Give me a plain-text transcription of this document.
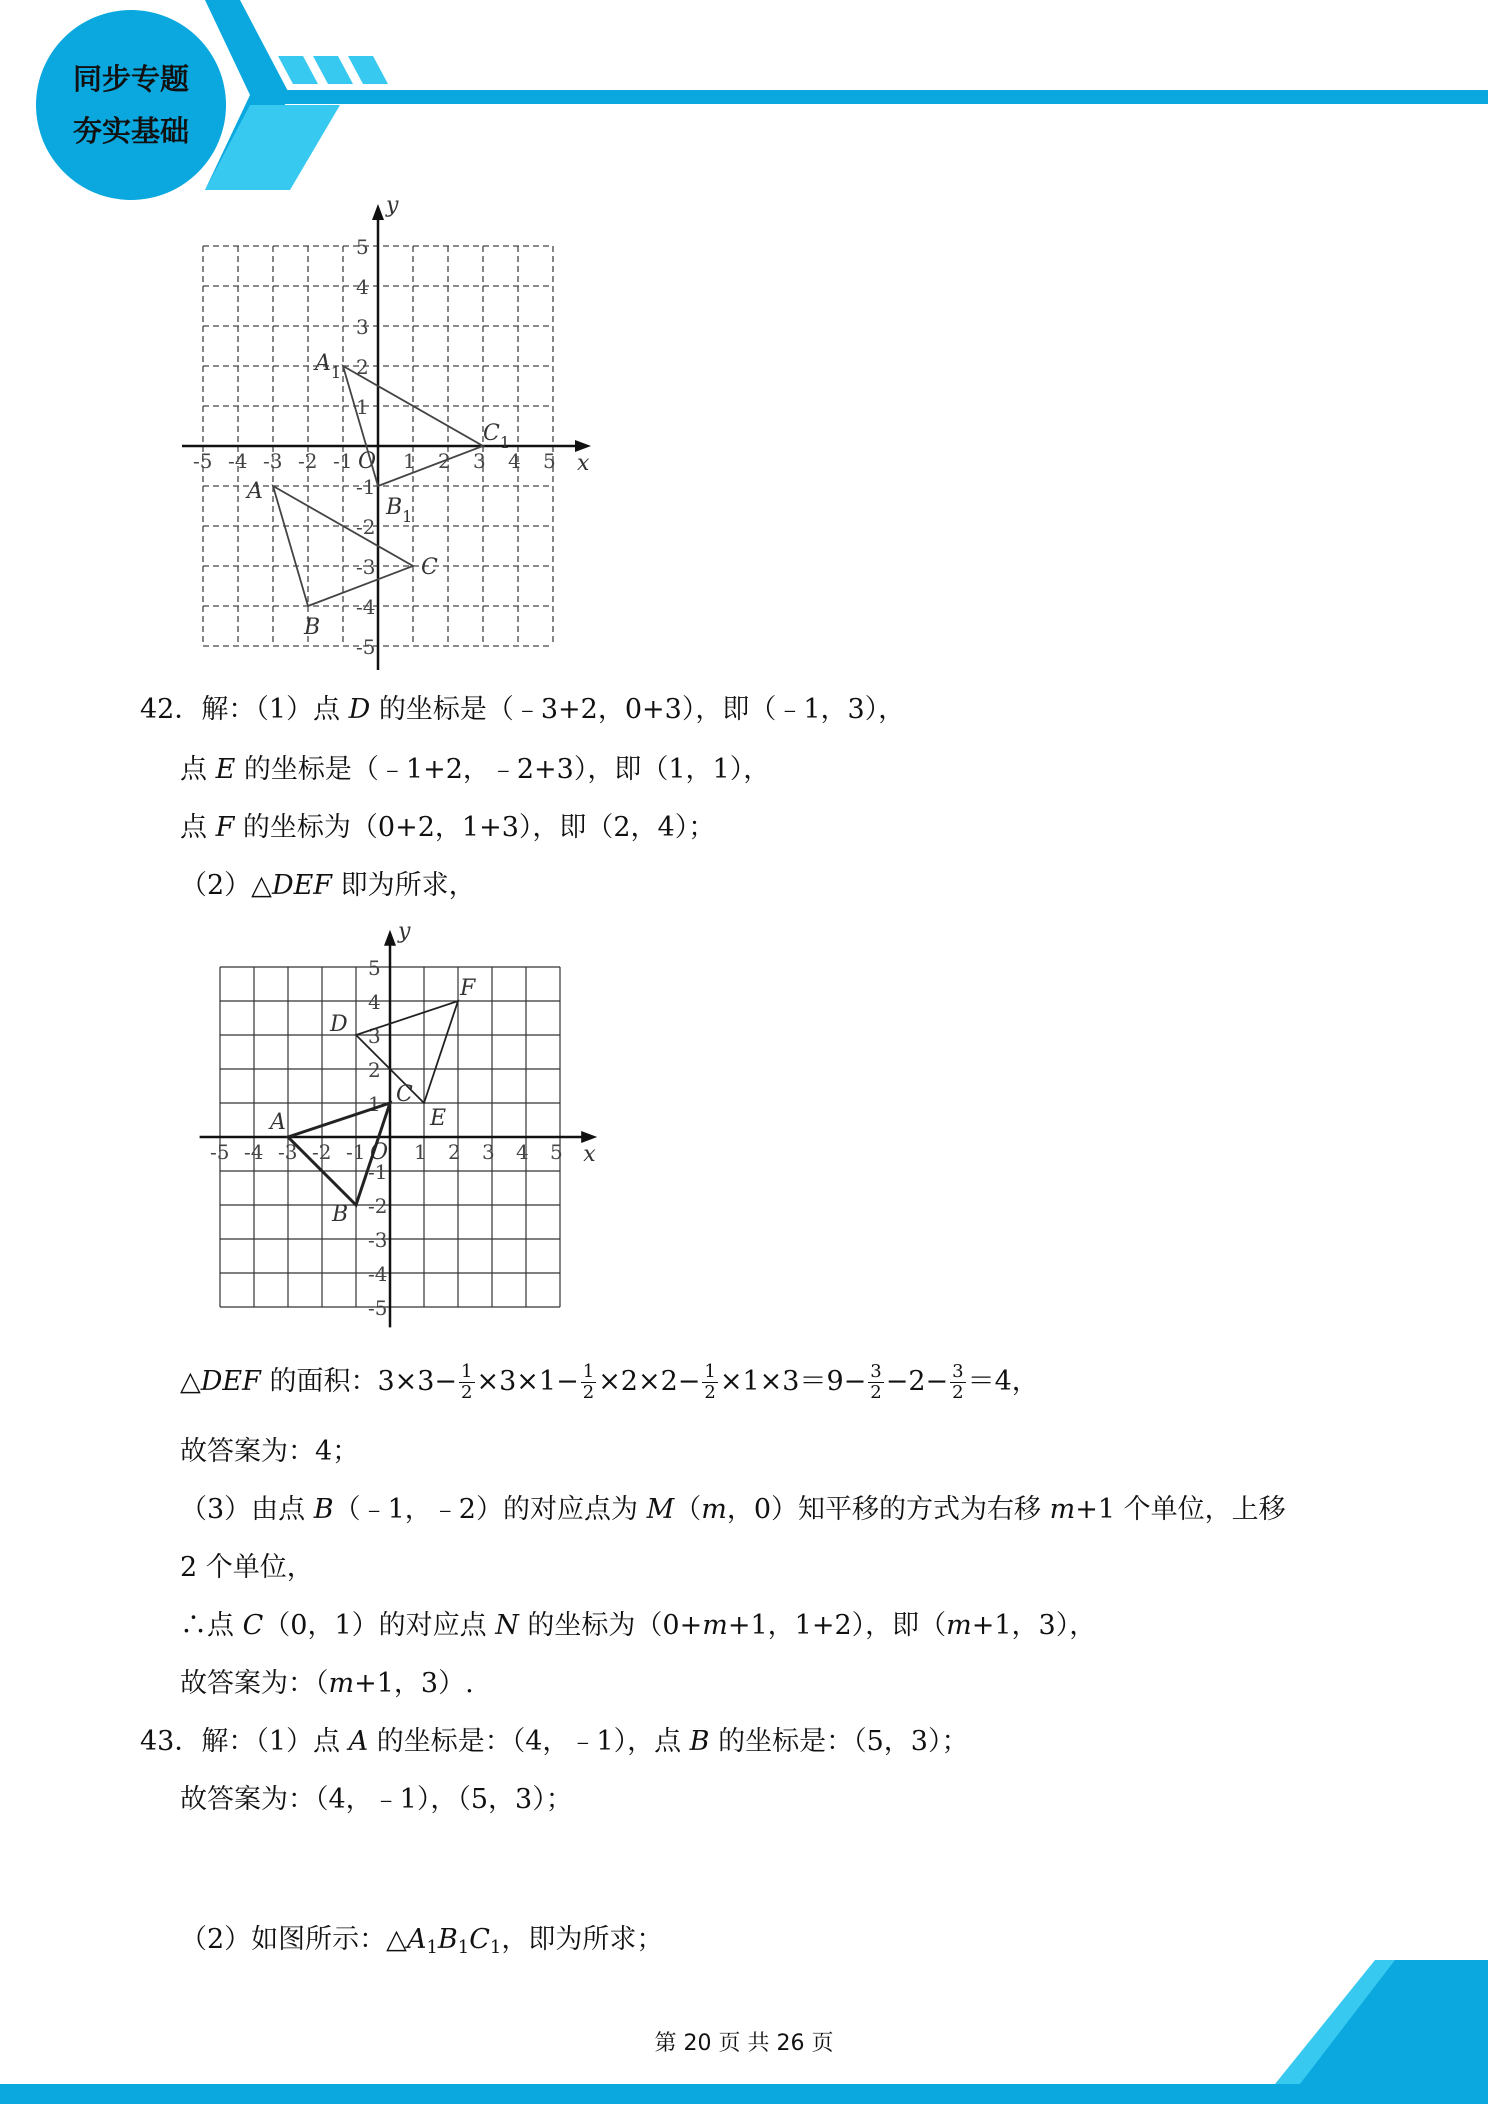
同步专题
夯实基础
x
y
O
-5 -4 -3 -2 -1	1 2 3 4 5
5
4
3
2
1
-1
-2
-3
-4
-5
A
B
C
$A_1$
$B_1$
$C_1$
42．解：（1）点 D 的坐标是（﹣3+2，0+3），即（﹣1，3），
点 E 的坐标是（﹣1+2，﹣2+3），即（1，1），
点 F 的坐标为（0+2，1+3），即（2，4）；
（2）△DEF 即为所求，
x
y
O
-5 -4 -3 -2 -1 1 2 3 4 5
5
4
3
2
1
-1
-2
-3
-4
-5
A
B
C
D
E
F
△DEF 的面积：$3\times 3- \frac{1}{2} \times 3\times 1- \frac{1}{2} \times 2\times 2- \frac{1}{2} \times 1\times 3=9- \frac{3}{2} -2- \frac{3}{2} =4$，
故答案为：4；
（3）由点 B（﹣1，﹣2）的对应点为 M（m，0）知平移的方式为右移 m+1 个单位，上移
2 个单位，
∴点 C（0，1）的对应点 N 的坐标为（0+m+1，1+2），即（m+1，3），
故答案为：（m+1，3）.
43．解：（1）点 A 的坐标是：（4，﹣1），点 B 的坐标是：（5，3）；
故答案为：（4，﹣1），（5，3）；
（2）如图所示：$\triangle A_1B_1C_1$，即为所求；
第 20 页 共 26 页
